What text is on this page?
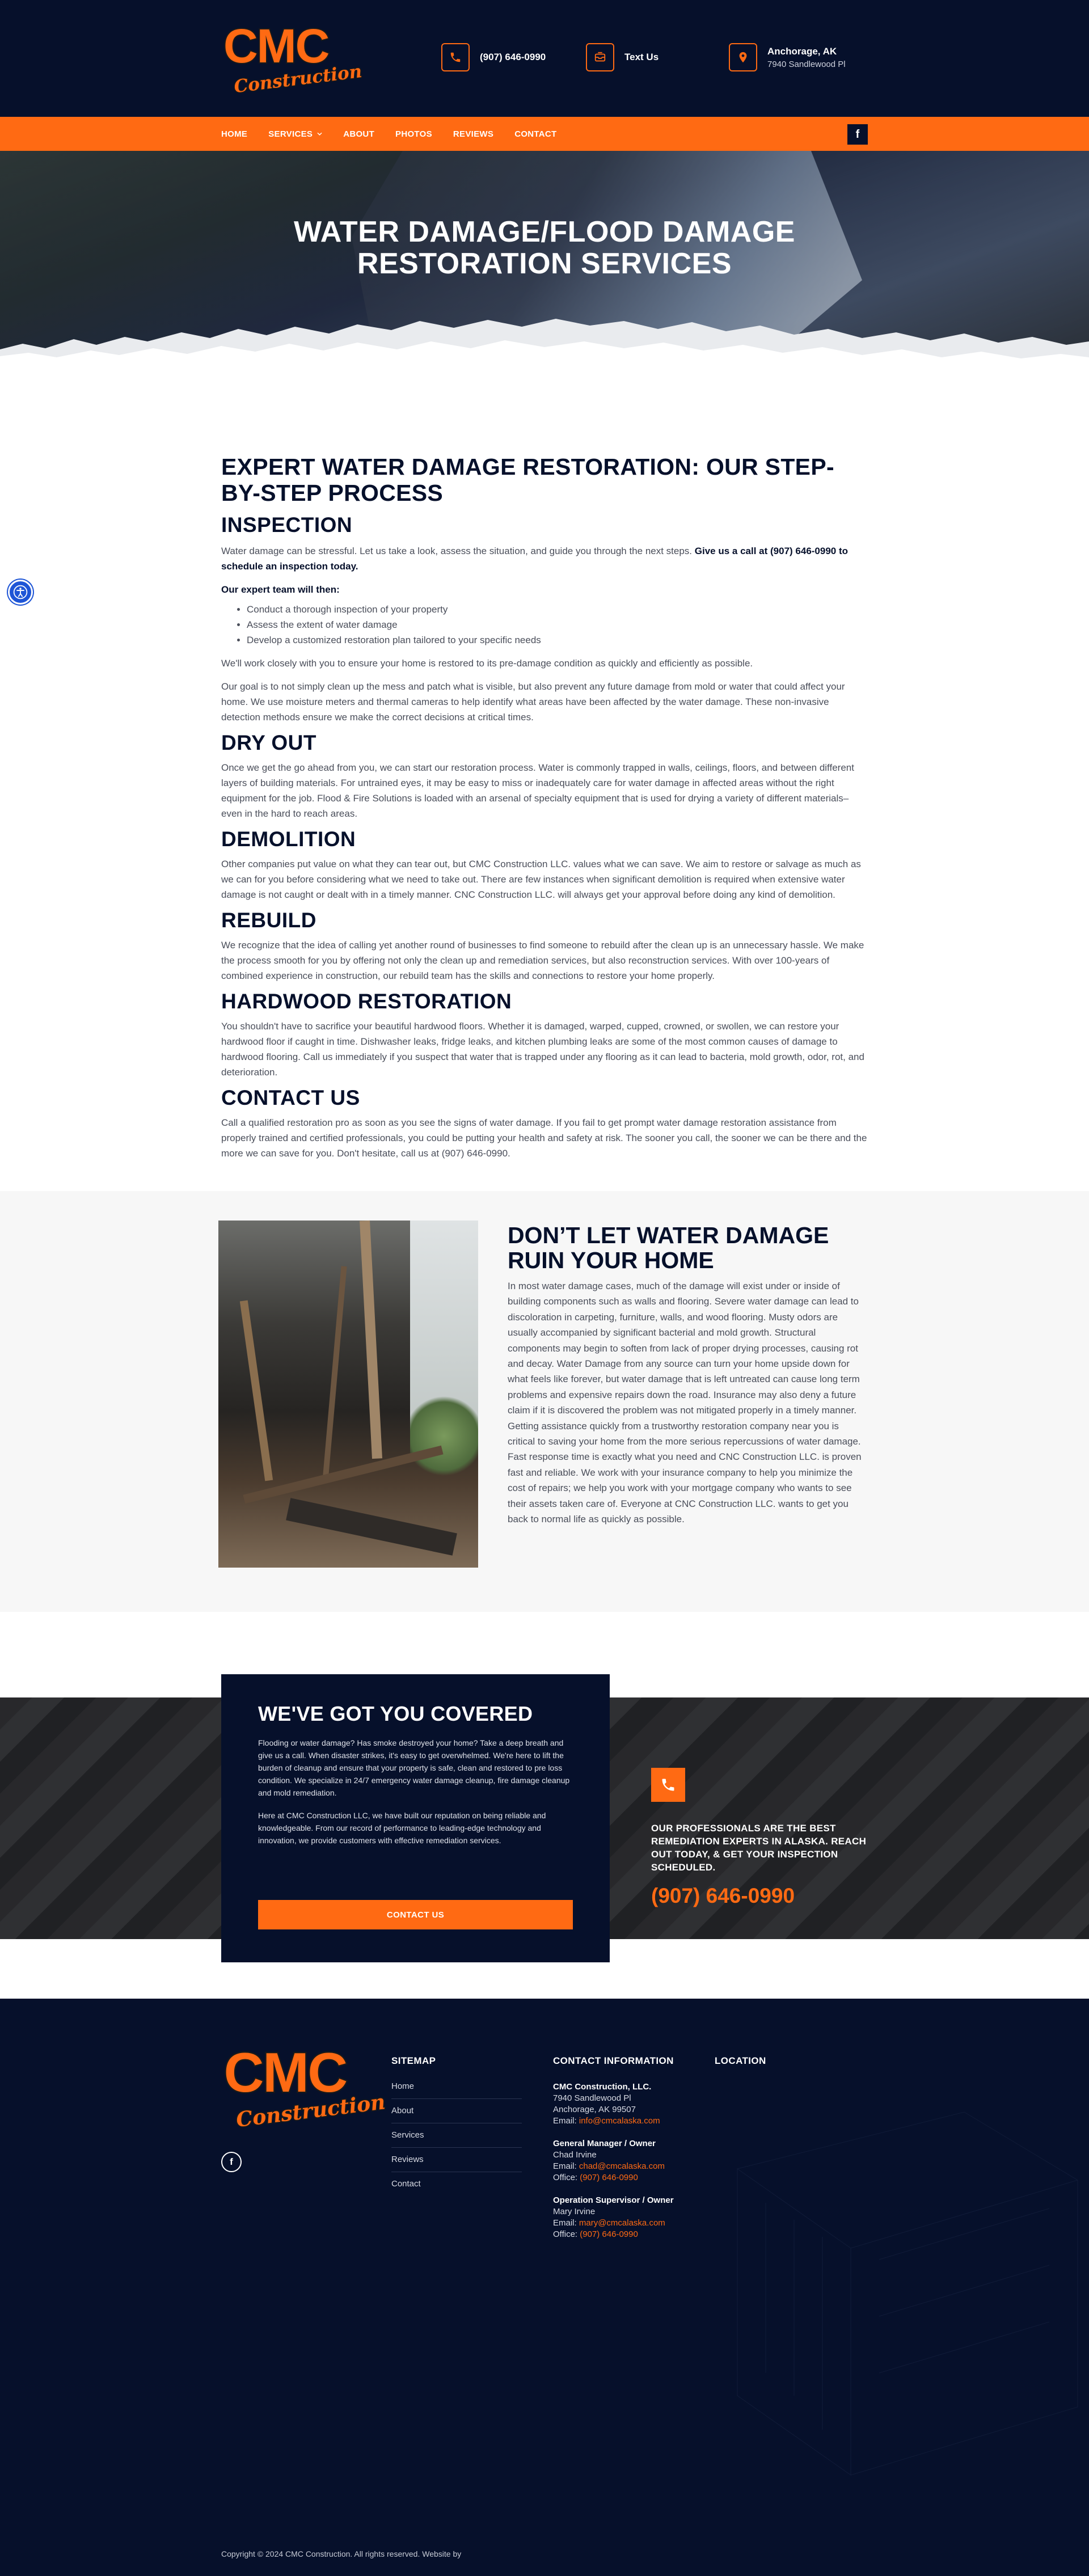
CMC
Construction
(907) 646-0990	Text Us
Anchorage, AK
7940 Sandlewood Pl
HOME SERVICES	ABOUT PHOTOS REVIEWS CONTACT	f
WATER DAMAGE/FLOOD DAMAGE
RESTORATION SERVICES
EXPERT WATER DAMAGE RESTORATION: OUR STEP-BY-STEP PROCESS
INSPECTION

Water damage can be stressful. Let us take a look, assess the situation, and guide you through the next steps. Give us a call at (907) 646-0990 to schedule an inspection today.

Our expert team will then:

• Conduct a thorough inspection of your property
• Assess the extent of water damage
• Develop a customized restoration plan tailored to your specific needs

We'll work closely with you to ensure your home is restored to its pre-damage condition as quickly and efficiently as possible.

Our goal is to not simply clean up the mess and patch what is visible, but also prevent any future damage from mold or water that could affect your home. We use moisture meters and thermal cameras to help identify what areas have been affected by the water damage. These non-invasive detection methods ensure we make the correct decisions at critical times.

DRY OUT

Once we get the go ahead from you, we can start our restoration process. Water is commonly trapped in walls, ceilings, floors, and between different layers of building materials. For untrained eyes, it may be easy to miss or inadequately care for water damage in affected areas without the right equipment for the job. Flood & Fire Solutions is loaded with an arsenal of specialty equipment that is used for drying a variety of different materials–even in the hard to reach areas.

DEMOLITION

Other companies put value on what they can tear out, but CMC Construction LLC. values what we can save. We aim to restore or salvage as much as we can for you before considering what we need to take out. There are few instances when significant demolition is required when extensive water damage is not caught or dealt with in a timely manner. CNC Construction LLC. will always get your approval before doing any kind of demolition.

REBUILD

We recognize that the idea of calling yet another round of businesses to find someone to rebuild after the clean up is an unnecessary hassle. We make the process smooth for you by offering not only the clean up and remediation services, but also reconstruction services. With over 100-years of combined experience in construction, our rebuild team has the skills and connections to restore your home properly.

HARDWOOD RESTORATION

You shouldn't have to sacrifice your beautiful hardwood floors. Whether it is damaged, warped, cupped, crowned, or swollen, we can restore your hardwood floor if caught in time. Dishwasher leaks, fridge leaks, and kitchen plumbing leaks are some of the most common causes of damage to hardwood flooring. Call us immediately if you suspect that water that is trapped under any flooring as it can lead to bacteria, mold growth, odor, rot, and deterioration.

CONTACT US

Call a qualified restoration pro as soon as you see the signs of water damage. If you fail to get prompt water damage restoration assistance from properly trained and certified professionals, you could be putting your health and safety at risk. The sooner you call, the sooner we can be there and the more we can save for you. Don't hesitate, call us at (907) 646-0990.

DON’T LET WATER DAMAGE
RUIN YOUR HOME

In most water damage cases, much of the damage will exist under or inside of building components such as walls and flooring. Severe water damage can lead to discoloration in carpeting, furniture, walls, and wood flooring. Musty odors are usually accompanied by significant bacterial and mold growth. Structural components may begin to soften from lack of proper drying processes, causing rot and decay. Water Damage from any source can turn your home upside down for what feels like forever, but water damage that is left untreated can cause long term problems and expensive repairs down the road. Insurance may also deny a future claim if it is discovered the problem was not mitigated properly in a timely manner. Getting assistance quickly from a trustworthy restoration company near you is critical to saving your home from the more serious repercussions of water damage. Fast response time is exactly what you need and CNC Construction LLC. is proven fast and reliable. We work with your insurance company to help you minimize the cost of repairs; we help you work with your mortgage company who wants to see their assets taken care of. Everyone at CNC Construction LLC. wants to get you back to normal life as quickly as possible.

WE'VE GOT YOU COVERED

Flooding or water damage? Has smoke destroyed your home? Take a deep breath and give us a call. When disaster strikes, it's easy to get overwhelmed. We're here to lift the burden of cleanup and ensure that your property is safe, clean and restored to pre loss condition. We specialize in 24/7 emergency water damage cleanup, fire damage cleanup and mold remediation.

Here at CMC Construction LLC, we have built our reputation on being reliable and knowledgeable. From our record of performance to leading-edge technology and innovation, we provide customers with effective remediation services.

CONTACT US
OUR PROFESSIONALS ARE THE BEST REMEDIATION EXPERTS IN ALASKA. REACH OUT TODAY, & GET YOUR INSPECTION SCHEDULED.
(907) 646-0990
CMC
Construction
f
SITEMAP
Home
About
Services
Reviews
Contact
CONTACT INFORMATION
CMC Construction, LLC.
7940 Sandlewood Pl
Anchorage, AK 99507
Email: info@cmcalaska.com
General Manager / Owner
Chad Irvine
Email: chad@cmcalaska.com
Office: (907) 646-0990
Operation Supervisor / Owner
Mary Irvine
Email: mary@cmcalaska.com
Office: (907) 646-0990
LOCATION
Copyright © 2024 CMC Construction. All rights reserved. Website by
